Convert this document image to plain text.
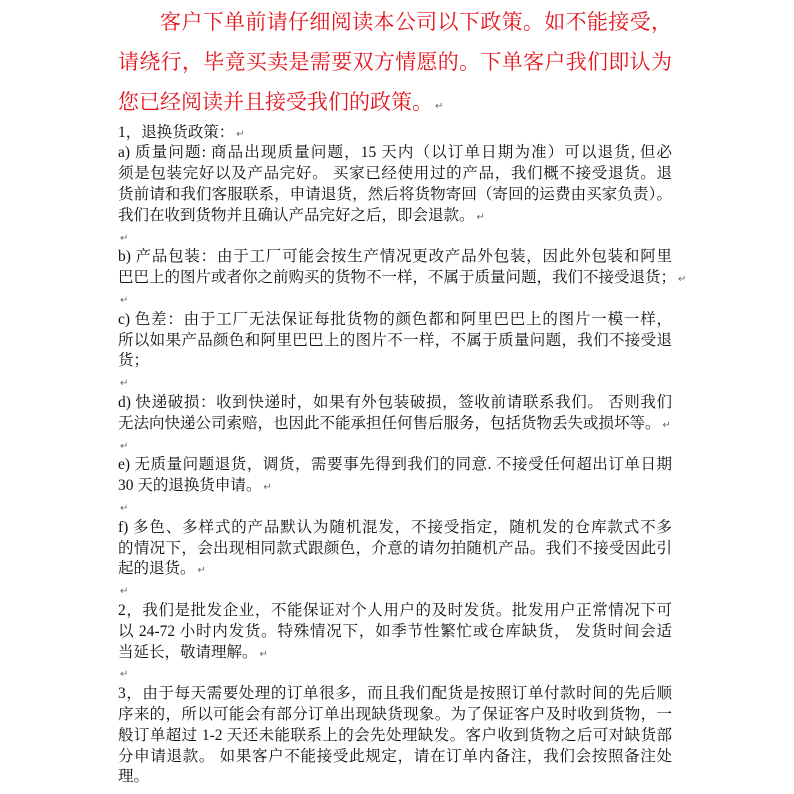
客户下单前请仔细阅读本公司以下政策。如不能接受，
请绕行，毕竟买卖是需要双方情愿的。下单客户我们即认为
您已经阅读并且接受我们的政策。 ↵
1，退换货政策： ↵
a) 质量问题: 商品出现质量问题，15 天内（以订单日期为准）可以退货, 但必
须是包装完好以及产品完好。 买家已经使用过的产品，我们概不接受退货。退
货前请和我们客服联系，申请退货，然后将货物寄回（寄回的运费由买家负责）。
我们在收到货物并且确认产品完好之后，即会退款。 ↵
↵
b) 产品包装：由于工厂可能会按生产情况更改产品外包装，因此外包装和阿里
巴巴上的图片或者你之前购买的货物不一样，不属于质量问题，我们不接受退货； ↵
↵
c) 色差：由于工厂无法保证每批货物的颜色都和阿里巴巴上的图片一模一样，
所以如果产品颜色和阿里巴巴上的图片不一样，不属于质量问题，我们不接受退
货；
↵
d) 快递破损：收到快递时，如果有外包装破损，签收前请联系我们。 否则我们
无法向快递公司索赔，也因此不能承担任何售后服务，包括货物丢失或损坏等。 ↵
↵
e) 无质量问题退货，调货，需要事先得到我们的同意. 不接受任何超出订单日期
30 天的退换货申请。 ↵
↵
f) 多色、多样式的产品默认为随机混发，不接受指定，随机发的仓库款式不多
的情况下，会出现相同款式跟颜色，介意的请勿拍随机产品。我们不接受因此引
起的退货。 ↵
↵
2，我们是批发企业，不能保证对个人用户的及时发货。批发用户正常情况下可
以 24-72 小时内发货。特殊情况下，如季节性繁忙或仓库缺货， 发货时间会适
当延长，敬请理解。 ↵
↵
3，由于每天需要处理的订单很多，而且我们配货是按照订单付款时间的先后顺
序来的，所以可能会有部分订单出现缺货现象。为了保证客户及时收到货物，一
般订单超过 1-2 天还未能联系上的会先处理缺发。客户收到货物之后可对缺货部
分申请退款。 如果客户不能接受此规定，请在订单内备注，我们会按照备注处
理。
